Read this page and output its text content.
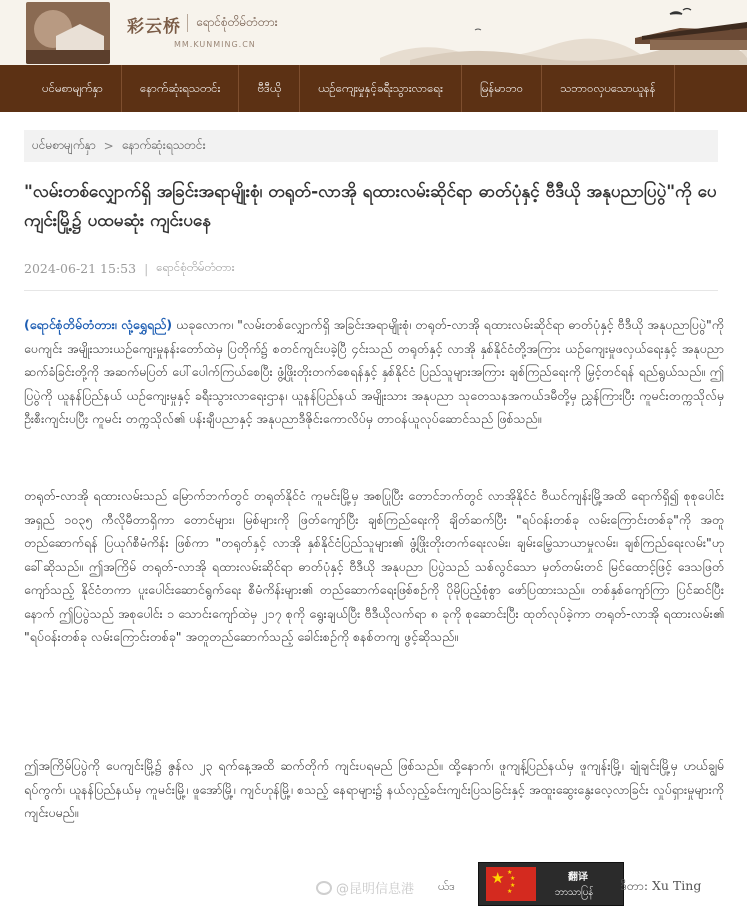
彩云桥 ရောင်စုံတိမ်တံတား
MM.KUNMING.CN
ပင်မစာမျက်နှာ	နောက်ဆုံးရသတင်း	ဗီဒီယို	ယဉ်ကျေးမှုနှင့်ခရီးသွားလာရေး	မြန်မာဘဝ	သဘာဝလှပသောယူနန်
ပင်မစာမျက်နှာ > နောက်ဆုံးရသတင်း
"လမ်းတစ်လျှောက်ရှိ အခြင်းအရာမျိုးစုံ၊ တရုတ်-လာအို ရထားလမ်းဆိုင်ရာ ဓာတ်ပုံနှင့် ဗီဒီယို အနုပညာပြပွဲ"ကို ပေကျင်းမြို့၌ ပထမဆုံး ကျင်းပနေ
2024-06-21 15:53 | ရောင်စုံတိမ်တံတား

(ရောင်စုံတိမ်တံတား၊ လုံ့ရွှေရည်) ယခုလောက၊ "လမ်းတစ်လျှောက်ရှိ အခြင်းအရာမျိုးစုံ၊ တရုတ်-လာအို ရထားလမ်းဆိုင်ရာ ဓာတ်ပုံနှင့် ဗီဒီယို အနုပညာပြပွဲ"ကို ပေကျင်း အမျိုးသားယဉ်ကျေးမှုနန်းတော်ထဲမှ ပြတိုက်၌ စတင်ကျင်းပခဲ့ပြီ ၄င်းသည် တရုတ်နှင့် လာအို နှစ်နိုင်ငံတို့အကြား ယဉ်ကျေးမှုဖလှယ်ရေးနှင့် အနုပညာ ဆက်ခံခြင်းတို့ကို အဆက်မပြတ် ပေါ်ပေါက်ကြယ်စေပြီး ဖွံ့ဖြိုးတိုးတက်စေရန်နှင့် နှစ်နိုင်ငံ ပြည်သူများအကြား ချစ်ကြည်ရေးကို မြှင့်တင်ရန် ရည်ရွယ်သည်။ ဤပြပွဲကို ယူနန်ပြည်နယ် ယဉ်ကျေးမှုနှင့် ခရီးသွားလာရေးဌာန၊ ယူနန်ပြည်နယ် အမျိုးသား အနုပညာ သုတေသနအကယ်ဒမီတို့မှ ညွှန်ကြားပြီး ကူမင်းတက္ကသိုလ်မှ ဦးစီးကျင်းပပြီး ကူမင်း တက္ကသိုလ်၏ ပန်းချီပညာနှင့် အနုပညာဒီဇိုင်းကောလိပ်မှ တာဝန်ယူလုပ်ဆောင်သည် ဖြစ်သည်။

တရုတ်-လာအို ရထားလမ်းသည် မြောက်ဘက်တွင် တရုတ်နိုင်ငံ ကူမင်းမြို့မှ အစပြုပြီး တောင်ဘက်တွင် လာအိုနိုင်ငံ ဗီယင်ကျန်းမြို့အထိ ရောက်ရှိ၍ စုစုပေါင်း အရှည် ၁၀၃၅ ကီလိုမီတာရှိကာ တောင်များ၊ မြစ်များကို ဖြတ်ကျော်ပြီး ချစ်ကြည်ရေးကို ချိတ်ဆက်ပြီး "ရပ်ဝန်းတစ်ခု လမ်းကြောင်းတစ်ခု"ကို အတူတည်ဆောက်ရန် ပြယုဂ်စီမံကိန်း ဖြစ်ကာ "တရုတ်နှင့် လာအို နှစ်နိုင်ငံပြည်သူများ၏ ဖွံ့ဖြိုးတိုးတက်ရေးလမ်း၊ ချမ်းမြေ့သာယာမှုလမ်း၊ ချစ်ကြည်ရေးလမ်း"ဟု ခေါ်ဆိုသည်။ ဤအကြိမ် တရုတ်-လာအို ရထားလမ်းဆိုင်ရာ ဓာတ်ပုံနှင့် ဗီဒီယို အနုပညာ ပြပွဲသည် သစ်လွင်သော မှတ်တမ်းတင် မြင်ထောင့်ဖြင့် ဒေသဖြတ်ကျော်သည့် နိုင်ငံတကာ ပူးပေါင်းဆောင်ရွက်ရေး စီမံကိန်းများ၏ တည်ဆောက်ရေးဖြစ်စဉ်ကို ပိုမိုပြည့်စုံစွာ ဖော်ပြထားသည်။ တစ်နှစ်ကျော်ကြာ ပြင်ဆင်ပြီးနောက် ဤပြပွဲသည် အစုပေါင်း ၁ သောင်းကျော်ထဲမှ ၂၁၇ စုကို ရွေးချယ်ပြီး ဗီဒီယိုလက်ရာ ၈ ခုကို စုဆောင်းပြီး ထုတ်လုပ်ခဲ့ကာ တရုတ်-လာအို ရထားလမ်း၏ "ရပ်ဝန်းတစ်ခု လမ်းကြောင်းတစ်ခု" အတူတည်ဆောက်သည့် ခေါင်းစဉ်ကို စနစ်တကျ ဖွင့်ဆိုသည်။

ဤအကြိမ်ပြပွဲကို ပေကျင်းမြို့၌ ဇွန်လ ၂၃ ရက်နေ့အထိ ဆက်တိုက် ကျင်းပရမည် ဖြစ်သည်။ ထို့နောက်၊ ဖူကျန့်ပြည်နယ်မှ ဖူကျန်းမြို့၊ ချုံချင်းမြို့မှ ဟယ်ချွမ်ရပ်ကွက်၊ ယူနန်ပြည်နယ်မှ ကူမင်းမြို့၊ ဖူအော်မြို့၊ ကျင်ဟုန်မြို့၊ စသည့် နေရာများ၌ နယ်လှည့်ခင်းကျင်းပြသခြင်းနှင့် အထူးဆွေးနွေးလေ့လာခြင်း လှုပ်ရှားမှုများကို ကျင်းပမည်။

@昆明信息港 ယ်ဒ ★ ★
★
★
★
翻译
ဘာသာပြန် ဒီတာ: Xu Ting
